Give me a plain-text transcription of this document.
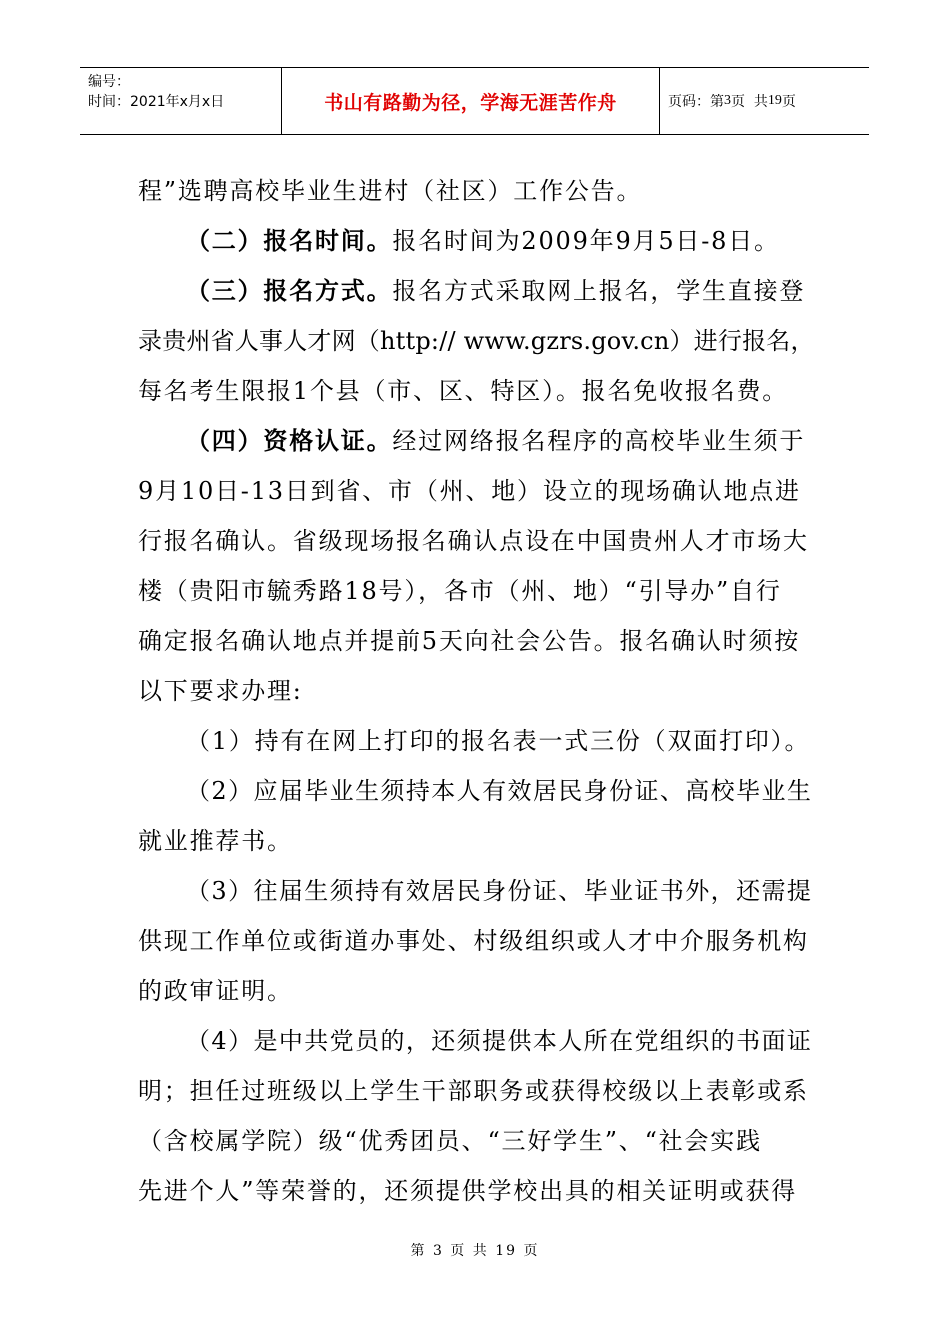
编号：
时间：2021年x月x日	书山有路勤为径，学海无涯苦作舟	页码：第 3 页  共 19 页
程”选聘高校毕业生进村（社区）工作公告。
（二）报名时间。报名时间为2009年9月5日-8日。
（三）报名方式。报名方式采取网上报名，学生直接登
录贵州省人事人才网（http:// www.gzrs.gov.cn）进行报名，
每名考生限报1个县（市、区、特区）。报名免收报名费。
（四）资格认证。经过网络报名程序的高校毕业生须于
9月10日-13日到省、市（州、地）设立的现场确认地点进
行报名确认。省级现场报名确认点设在中国贵州人才市场大
楼（贵阳市毓秀路18号），各市（州、地）“引导办”自行
确定报名确认地点并提前5天向社会公告。报名确认时须按
以下要求办理:
（1）持有在网上打印的报名表一式三份（双面打印）。
（2）应届毕业生须持本人有效居民身份证、高校毕业生
就业推荐书。
（3）往届生须持有效居民身份证、毕业证书外，还需提
供现工作单位或街道办事处、村级组织或人才中介服务机构
的政审证明。
（4）是中共党员的，还须提供本人所在党组织的书面证
明；担任过班级以上学生干部职务或获得校级以上表彰或系
（含校属学院）级“优秀团员、“三好学生”、“社会实践
先进个人”等荣誉的，还须提供学校出具的相关证明或获得
第 3 页 共 19 页
